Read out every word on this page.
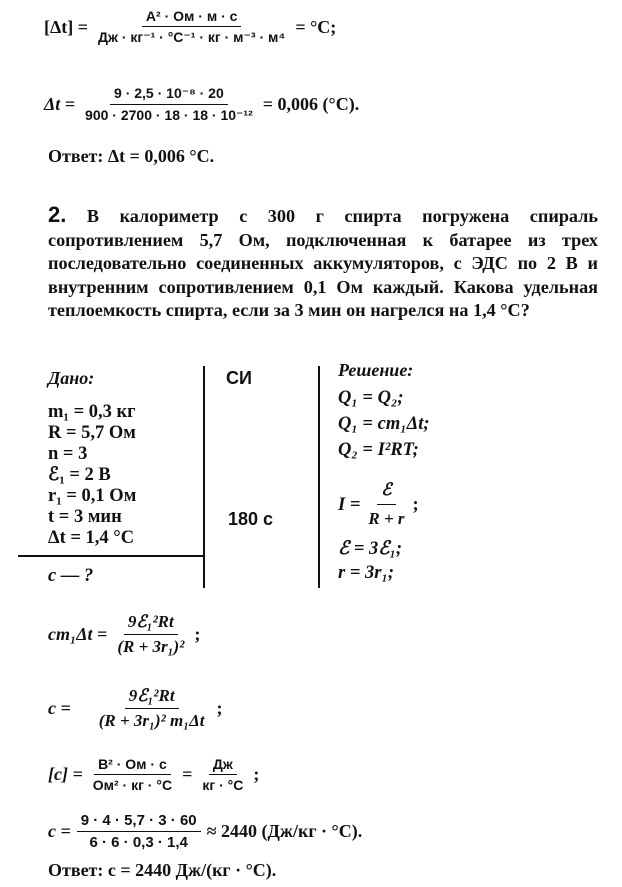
$[\Delta t] = \frac{\text{А² · Ом · м · с}}{\text{Дж · кг⁻¹ · °С⁻¹ · кг · м⁻³ · м⁴}} = ^\circ С$;
$\Delta t = \frac{\text{9 · 2,5 · 10⁻⁸ · 20}}{\text{900 · 2700 · 18 · 18 · 10⁻¹²}} = 0,006$ (°С).
Ответ: Δt = 0,006 °С.

2. В калориметр с 300 г спирта погружена спираль сопротивлением 5,7 Ом, подключенная к батарее из трех последовательно соединенных аккумуляторов, с ЭДС по 2 В и внутренним сопротивлением 0,1 Ом каждый. Какова удельная теплоемкость спирта, если за 3 мин он нагрелся на 1,4 °С?

Дано:	СИ	Решение:
m₁ = 0,3 кг
R = 5,7 Ом
n = 3
ℰ₁ = 2 В
r₁ = 0,1 Ом
t = 3 мин
Δt = 1,4 °С
180 с
c — ?
Q₁ = Q₂;
Q₁ = cm₁Δt;
Q₂ = I²RT;
$I = \frac{\text{ℰ}}{R + r}$ ;
ℰ = 3ℰ₁;
r = 3r₁;
$cm_1\Delta t = \frac{\text{9ℰ₁²Rt}}{\text{(R + 3r₁)²}}$ ;
$c = \frac{\text{9ℰ₁²Rt}}{\text{(R + 3r₁)² m₁Δt}}$ ;
$[c] = \frac{\text{В² · Ом · с}}{\text{Ом² · кг · °С}} = \frac{Дж}{кг \cdot ^\circ С}$ ;
$c = \frac{9 \cdot 4 \cdot 5,7 \cdot 3 \cdot 60}{6 \cdot 6 \cdot 0,3 \cdot 1,4} \approx 2440$ (Дж/кг · °С).
Ответ: c = 2440 Дж/(кг · °С).
